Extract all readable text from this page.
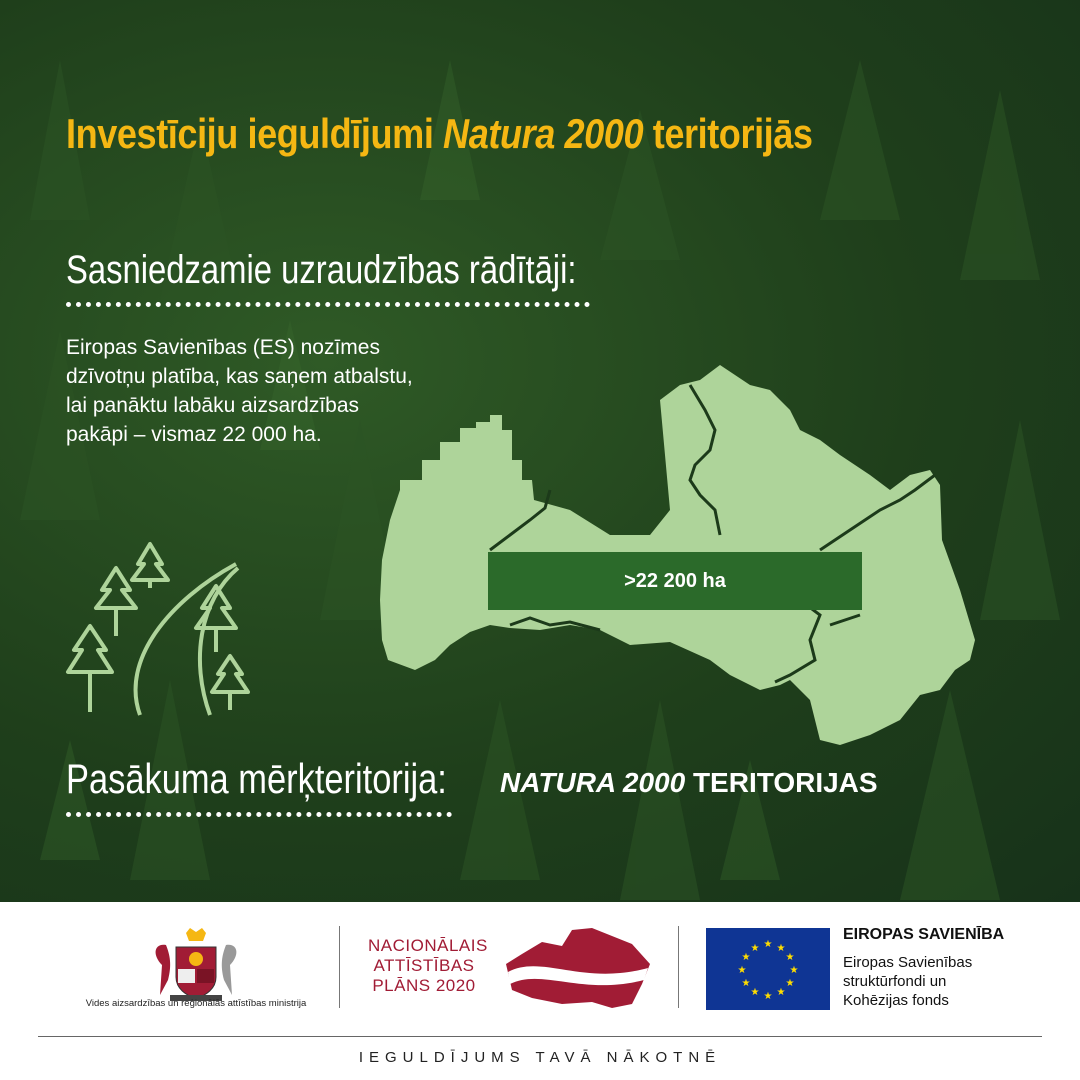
Investīciju ieguldījumi Natura 2000 teritorijās
Sasniedzamie uzraudzības rādītāji:
Eiropas Savienības (ES) nozīmes
dzīvotņu platība, kas saņem atbalstu,
lai panāktu labāku aizsardzības
pakāpi – vismaz 22 000 ha.
>22 200 ha
Pasākuma mērķteritorija: NATURA 2000 TERITORIJAS
Vides aizsardzības un reģionālās attīstības ministrija
NACIONĀLAIS
ATTĪSTĪBAS
PLĀNS 2020
★ ★
★
★
★
★
★
★
★
★
★
★
EIROPAS SAVIENĪBA
Eiropas Savienības
struktūrfondi un
Kohēzijas fonds
IEGULDĪJUMS TAVĀ NĀKOTNĒ
